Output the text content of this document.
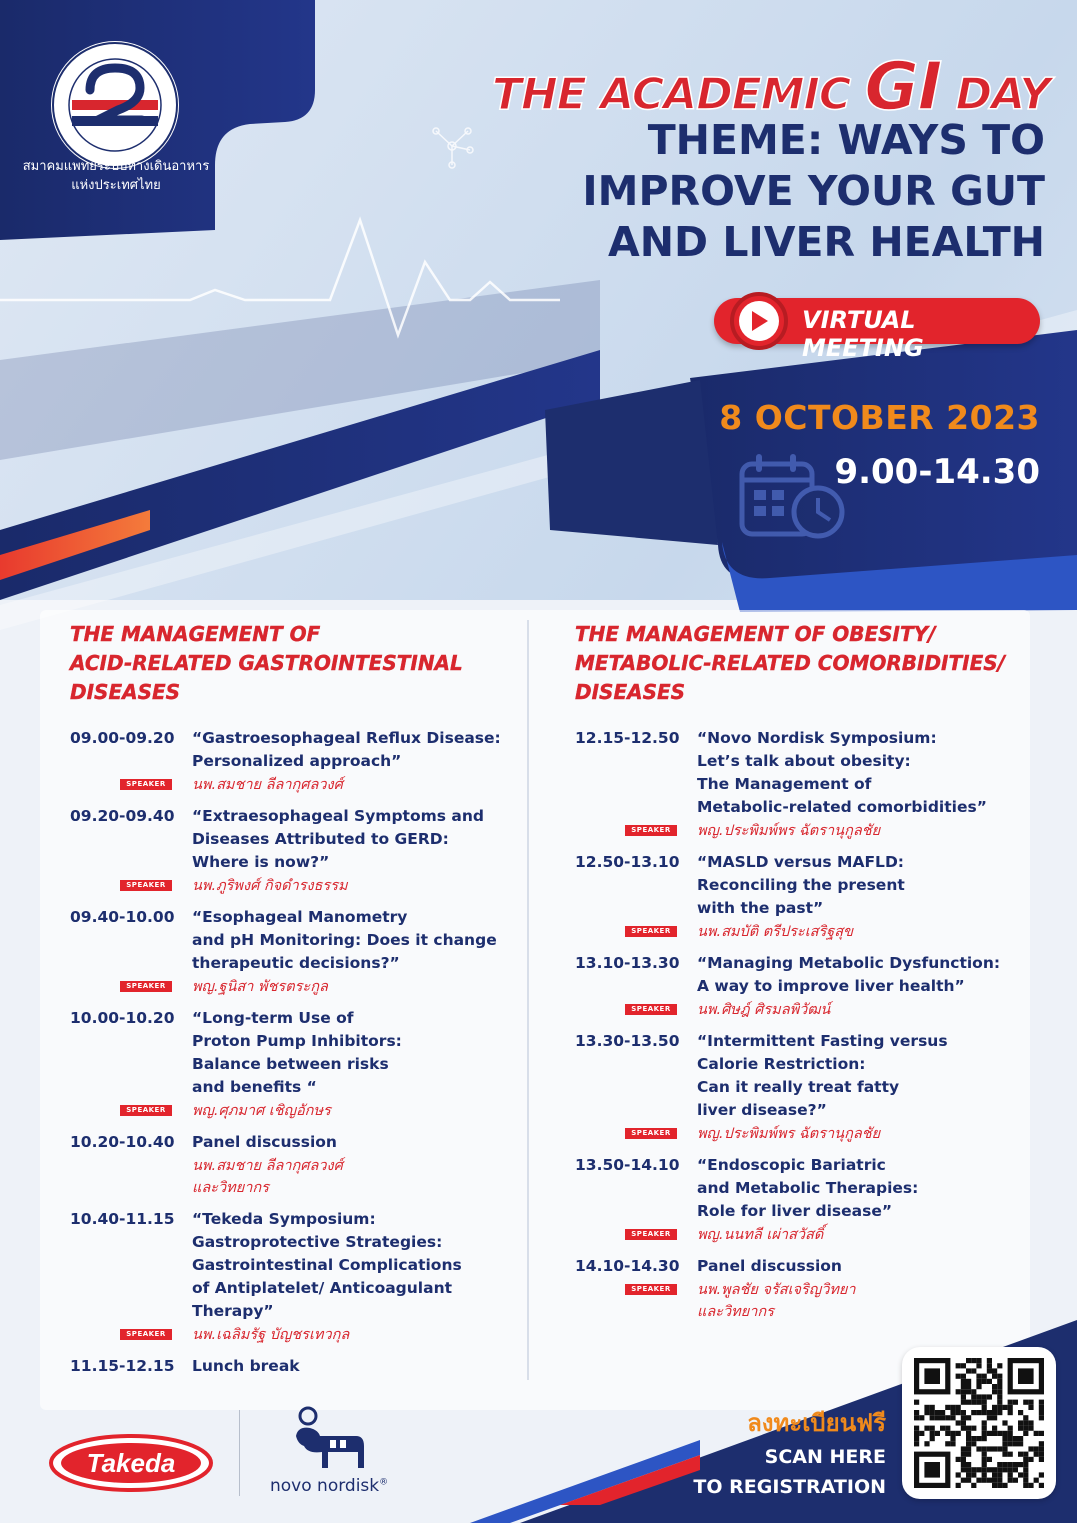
สมาคมแพทย์ระบบทางเดินอาหาร
แห่งประเทศไทย
THE ACADEMIC GI DAY
THEME: WAYS TO
IMPROVE YOUR GUT
AND LIVER HEALTH
VIRTUAL MEETING
8 OCTOBER 2023
9.00-14.30
THE MANAGEMENT OF
ACID-RELATED GASTROINTESTINAL
DISEASES
09.00-09.20	“Gastroesophageal Reflux Disease:
Personalized approach”
SPEAKER	นพ.สมชาย ลีลากุศลวงศ์
09.20-09.40	“Extraesophageal Symptoms and
Diseases Attributed to GERD:
Where is now?”
SPEAKER	นพ.ภูริพงศ์ กิจดำรงธรรม
09.40-10.00	“Esophageal Manometry
and pH Monitoring: Does it change
therapeutic decisions?”
SPEAKER	พญ.ฐนิสา พัชรตระกูล
10.00-10.20	“Long-term Use of
Proton Pump Inhibitors:
Balance between risks
and benefits “
SPEAKER	พญ.ศุภมาศ เชิญอักษร
10.20-10.40	Panel discussion
นพ.สมชาย ลีลากุศลวงศ์
และวิทยากร
10.40-11.15	“Tekeda Symposium:
Gastroprotective Strategies:
Gastrointestinal Complications
of Antiplatelet/ Anticoagulant
Therapy”
SPEAKER	นพ.เฉลิมรัฐ บัญชรเทวกุล
11.15-12.15	Lunch break
THE MANAGEMENT OF OBESITY/
METABOLIC-RELATED COMORBIDITIES/
DISEASES
12.15-12.50	“Novo Nordisk Symposium:
Let’s talk about obesity:
The Management of
Metabolic-related comorbidities”
SPEAKER	พญ.ประพิมพ์พร ฉัตรานุกูลชัย
12.50-13.10	“MASLD versus MAFLD:
Reconciling the present
with the past”
SPEAKER	นพ.สมบัติ ตรีประเสริฐสุข
13.10-13.30	“Managing Metabolic Dysfunction:
A way to improve liver health”
SPEAKER	นพ.ศิษฎ์ ศิรมลพิวัฒน์
13.30-13.50	“Intermittent Fasting versus
Calorie Restriction:
Can it really treat fatty
liver disease?”
SPEAKER	พญ.ประพิมพ์พร ฉัตรานุกูลชัย
13.50-14.10	“Endoscopic Bariatric
and Metabolic Therapies:
Role for liver disease”
SPEAKER	พญ.นนทลี เผ่าสวัสดิ์
14.10-14.30	Panel discussion
SPEAKER	นพ.พูลชัย จรัสเจริญวิทยา
และวิทยากร
Takeda
novo nordisk®
ลงทะเบียนฟรี
SCAN HERE
TO REGISTRATION
